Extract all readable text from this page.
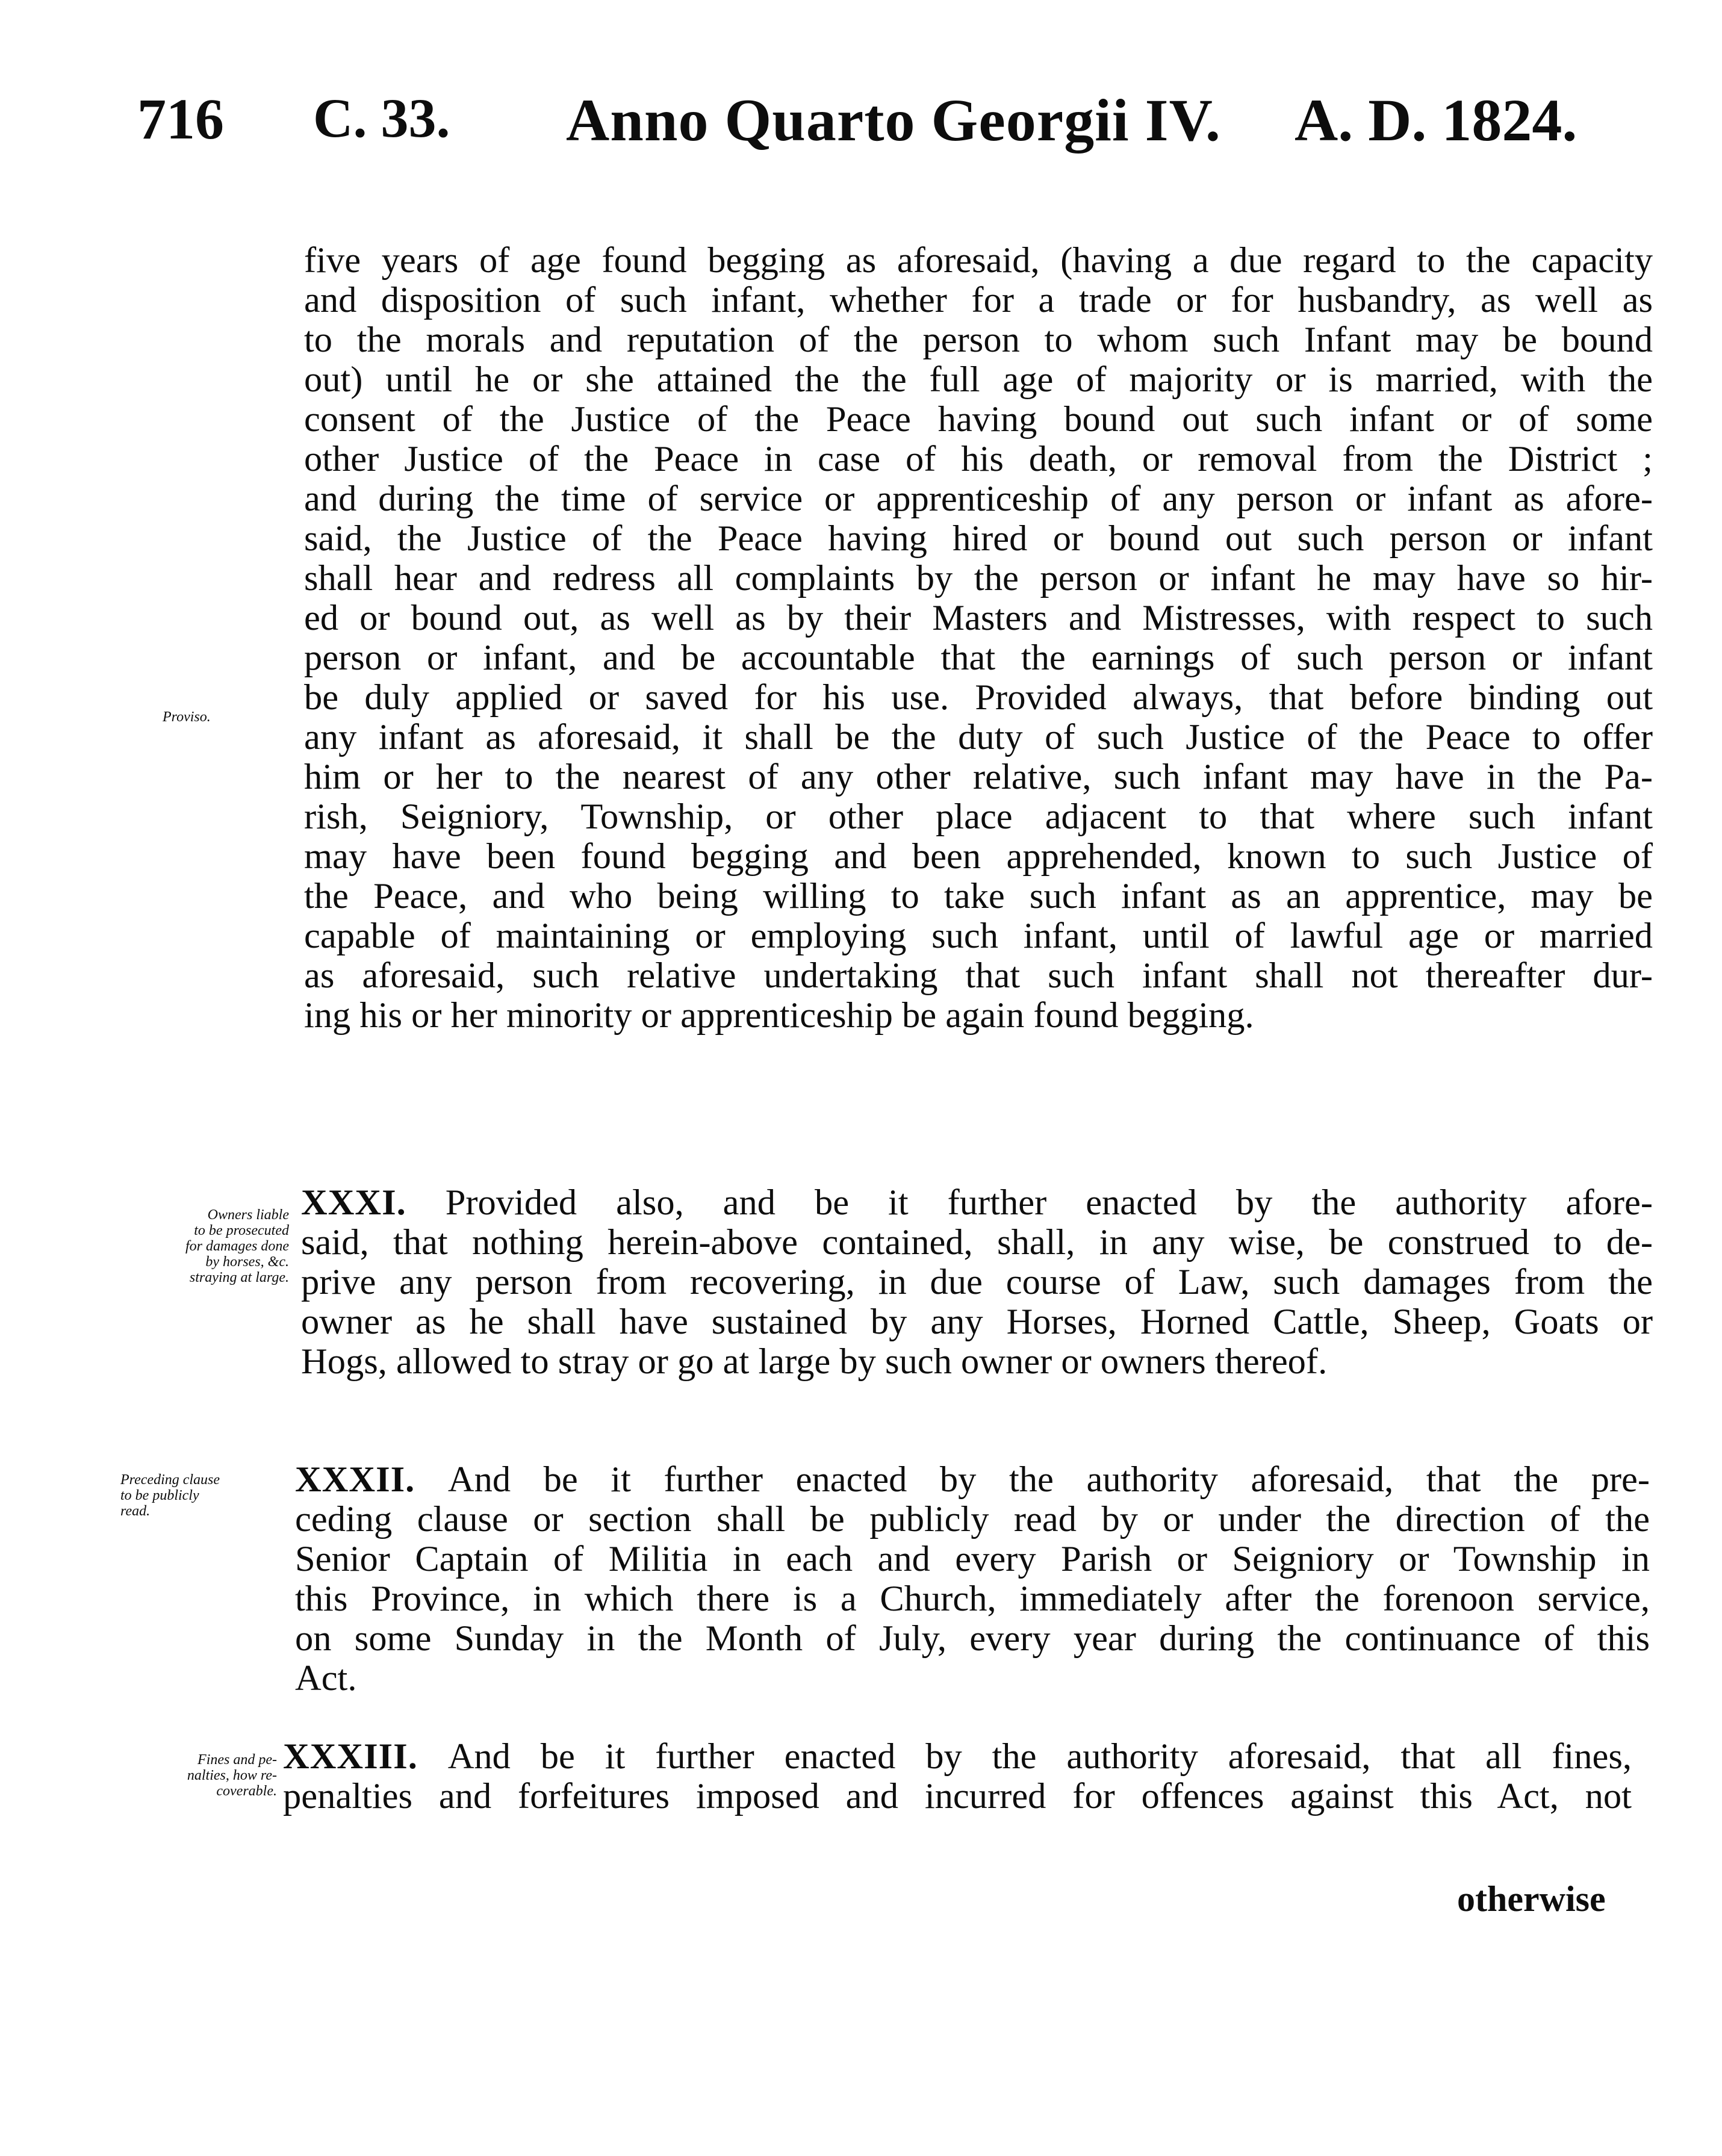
716 C. 33. Anno Quarto Georgii IV. A. D. 1824.
five years of age found begging as aforesaid, (having a due regard to the capacity
and disposition of such infant, whether for a trade or for husbandry, as well as
to the morals and reputation of the person to whom such Infant may be bound
out) until he or she attained the the full age of majority or is married, with the
consent of the Justice of the Peace having bound out such infant or of some
other Justice of the Peace in case of his death, or removal from the District ;
and during the time of service or apprenticeship of any person or infant as afore-
said, the Justice of the Peace having hired or bound out such person or infant
shall hear and redress all complaints by the person or infant he may have so hir-
ed or bound out, as well as by their Masters and Mistresses, with respect to such
person or infant, and be accountable that the earnings of such person or infant
be duly applied or saved for his use. Provided always, that before binding out
any infant as aforesaid, it shall be the duty of such Justice of the Peace to offer
him or her to the nearest of any other relative, such infant may have in the Pa-
rish, Seigniory, Township, or other place adjacent to that where such infant
may have been found begging and been apprehended, known to such Justice of
the Peace, and who being willing to take such infant as an apprentice, may be
capable of maintaining or employing such infant, until of lawful age or married
as aforesaid, such relative undertaking that such infant shall not thereafter dur-
ing his or her minority or apprenticeship be again found begging.
Proviso.
Owners liable
to be prosecuted
for damages done
by horses, &c.
straying at large.
XXXI. Provided also, and be it further enacted by the authority afore-
said, that nothing herein-above contained, shall, in any wise, be construed to de-
prive any person from recovering, in due course of Law, such damages from the
owner as he shall have sustained by any Horses, Horned Cattle, Sheep, Goats or
Hogs, allowed to stray or go at large by such owner or owners thereof.
Preceding clause
to be publicly
read.
XXXII. And be it further enacted by the authority aforesaid, that the pre-
ceding clause or section shall be publicly read by or under the direction of the
Senior Captain of Militia in each and every Parish or Seigniory or Township in
this Province, in which there is a Church, immediately after the forenoon service,
on some Sunday in the Month of July, every year during the continuance of this
Act.
Fines and pe-
nalties, how re-
coverable.
XXXIII. And be it further enacted by the authority aforesaid, that all fines,
penalties and forfeitures imposed and incurred for offences against this Act, not
otherwise
